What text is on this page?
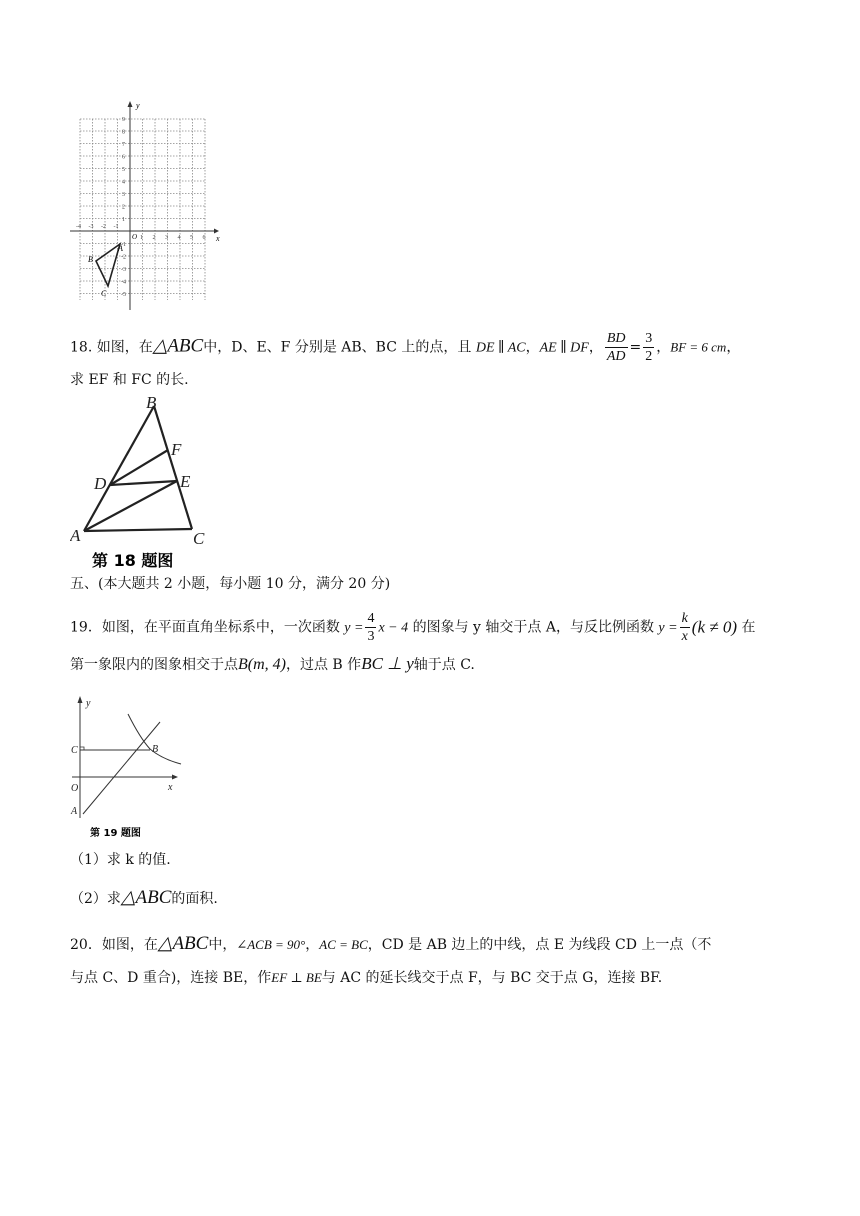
y
x
O
9
8
7
6
5
4
3
2
1
-1
-2
-3
-4
-5
-4 -3 -2 -1
1 2 3 4 5 6
A
B
C
18. 如图，在△ABC中，D、E、F 分别是 AB、BC 上的点，且 DE ∥ AC，AE ∥ DF， $\frac{BD}{AD} = \frac{3}{2}$ ，BF = 6 cm，
求 EF 和 FC 的长.
B
F
D	E
A	C
第 18 题图
五、(本大题共 2 小题，每小题 10 分，满分 20 分)
19．如图，在平面直角坐标系中，一次函数 $y = \frac{4}{3}$ x − 4 的图象与 y 轴交于点 A，与反比例函数 $y = \frac{k}{x} (k \ne 0)$ 在
第一象限内的图象相交于点B(m, 4)，过点 B 作BC ⊥ y轴于点 C.
y
x
C	B
O
A
第 19 题图
（1）求 k 的值.
（2）求△ABC的面积.
20．如图，在△ABC中，∠ACB = 90°，AC = BC，CD 是 AB 边上的中线，点 E 为线段 CD 上一点（不
与点 C、D 重合)，连接 BE，作EF ⊥ BE与 AC 的延长线交于点 F，与 BC 交于点 G，连接 BF.
